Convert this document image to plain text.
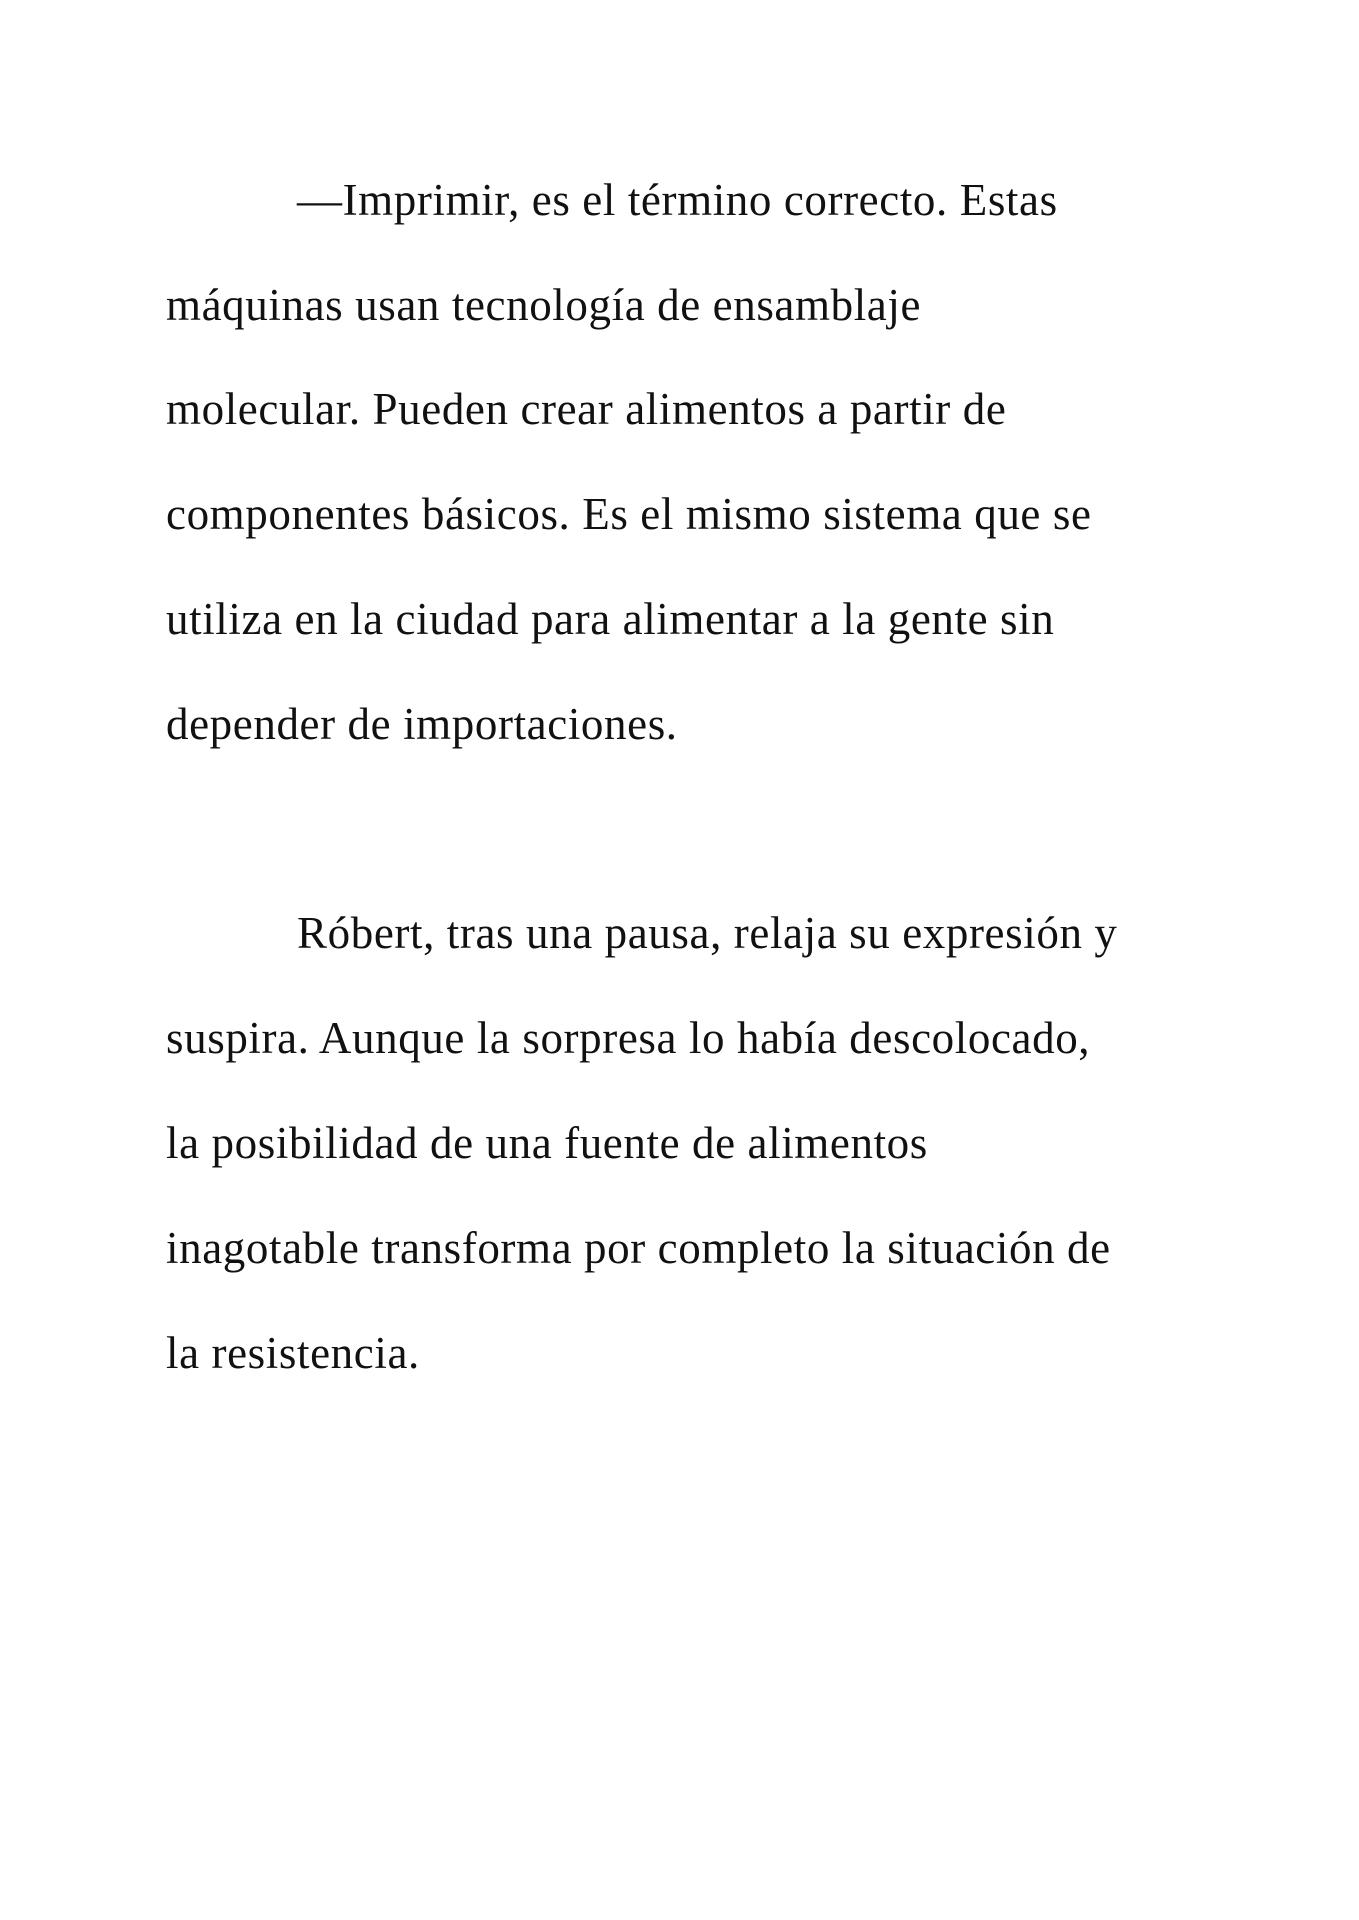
—Imprimir, es el término correcto. Estas
máquinas usan tecnología de ensamblaje
molecular. Pueden crear alimentos a partir de
componentes básicos. Es el mismo sistema que se
utiliza en la ciudad para alimentar a la gente sin
depender de importaciones.
Róbert, tras una pausa, relaja su expresión y
suspira. Aunque la sorpresa lo había descolocado,
la posibilidad de una fuente de alimentos
inagotable transforma por completo la situación de
la resistencia.
